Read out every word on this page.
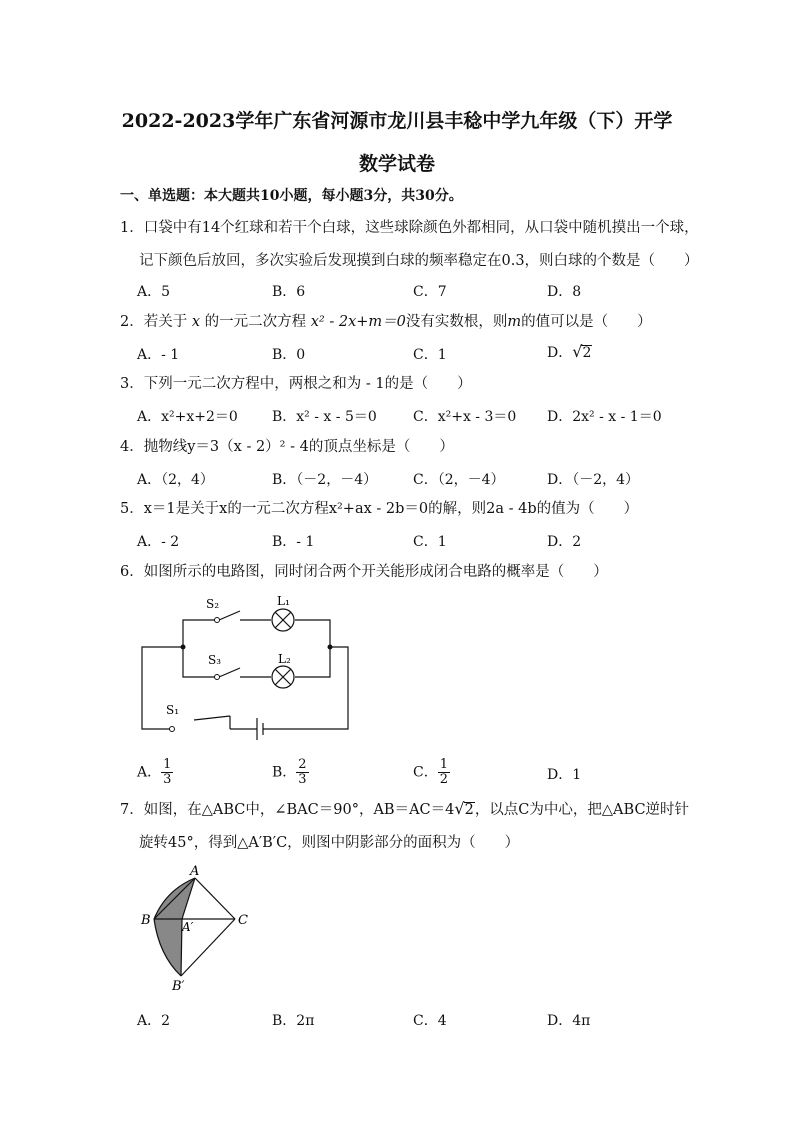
2022-2023学年广东省河源市龙川县丰稔中学九年级（下）开学
数学试卷
一、单选题：本大题共10小题，每小题3分，共30分。
1．口袋中有14个红球和若干个白球，这些球除颜色外都相同，从口袋中随机摸出一个球，
记下颜色后放回，多次实验后发现摸到白球的频率稳定在0.3，则白球的个数是（　　）
A．5	B．6	C．7	D．8
2．若关于 x 的一元二次方程 x² - 2x+m＝0没有实数根，则m的值可以是（　　）
A．- 1	B．0	C．1	D．√2
3．下列一元二次方程中，两根之和为 - 1的是（　　）
A．x²+x+2＝0 B．x² - x - 5＝0	C．x²+x - 3＝0 D．2x² - x - 1＝0
4．抛物线y＝3（x - 2）² - 4的顶点坐标是（　　）
A．（2，4）	B．（－2，－4）	C．（2，－4）	D．（－2，4）
5．x＝1是关于x的一元二次方程x²+ax - 2b＝0的解，则2a - 4b的值为（　　）
A．- 2	B．- 1	C．1	D．2
6．如图所示的电路图，同时闭合两个开关能形成闭合电路的概率是（　　）
S₂	L₁
S₃	L₂
S₁
A． $\frac{1}{3}$	B． $\frac{2}{3}$	C． $\frac{1}{2}$	D．1
7．如图，在△ABC中，∠BAC＝90°，AB＝AC＝4√2，以点C为中心，把△ABC逆时针
旋转45°，得到△A′B′C，则图中阴影部分的面积为（　　）
A
B	C
A′
B′
A．2	B．2π	C．4	D．4π
